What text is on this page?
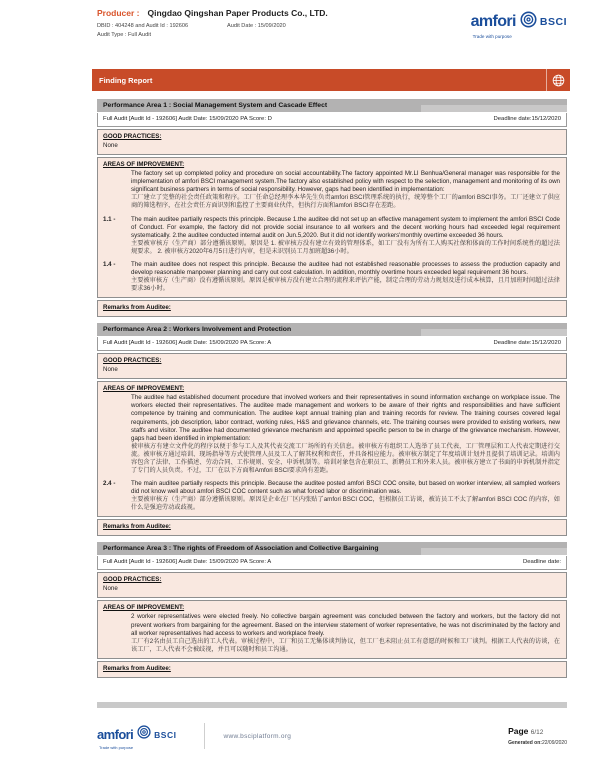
Producer : Qingdao Qingshan Paper Products Co., LTD.
DBID : 404248 and Audit Id : 192606	Audit Date : 15/09/2020
Audit Type : Full Audit
amfori BSCI
Trade with purpose
Finding Report
Performance Area 1 : Social Management System and Cascade Effect
Full Audit [Audit Id - 192606] Audit Date: 15/09/2020 PA Score: D	Deadline date:15/12/2020
GOOD PRACTICES:
None
AREAS OF IMPROVEMENT:
The factory set up completed policy and procedure on social accountability.The factory appointed Mr.LI Benhua/General manager was responsible for the implementation of amfori BSCI management system.The factory also established policy with respect to the selection, management and monitoring of its own significant business partners in terms of social responsibility. However, gaps had been identified in implementation:
工厂建立了完整的社会责任政策和程序。工厂任命总经理李本华先生负责amfori BSCI管理系统的执行，统筹整个工厂的amfori BSCI事务。工厂还建立了供应商的筛选程序，在社会责任方面识别和监控了主要商业伙伴，但执行方面和amfori BSCI存在差距。
1.1 -	The main auditee partially respects this principle. Because 1.the auditee did not set up an effective management system to implement the amfori BSCI Code of Conduct. For example, the factory did not provide social insurance to all workers and the decent working hours had exceeded legal requirement systematically. 2.the auditee conducted internal audit on Jun.5,2020. But it did not identify workers'monthly overtime exceeded 36 hours.
主要被审核方（生产商）部分遵循该原则。原因是 1. 被审核方没有建立有效的管理体系，如工厂没有为所有工人购买社保和体面的工作时间系统性的超过法规要求。 2. 被审核方2020年6月5日进行内审，但是未识别员工月加班超36小时。
1.4 -	The main auditee does not respect this principle. Because the auditee had not established reasonable processes to assess the production capacity and develop reasonable manpower planning and carry out cost calculation. In addition, monthly overtime hours exceeded legal requirement 36 hours.
主要被审核方（生产商）没有遵循该原则。原因是被审核方没有建立合理的流程来评估产能，制定合理的劳动力规划及进行成本核算，且月加班时间超过法律要求36小时。
Remarks from Auditee:
Performance Area 2 : Workers Involvement and Protection
Full Audit [Audit Id - 192606] Audit Date: 15/09/2020 PA Score: A	Deadline date:15/12/2020
GOOD PRACTICES:
None
AREAS OF IMPROVEMENT:
The auditee had established document procedure that involved workers and their representatives in sound information exchange on workplace issue. The workers elected their representatives. The auditee made management and workers to be aware of their rights and responsibilities and have sufficient competence by training and communication. The auditee kept annual training plan and training records for review. The training courses covered legal requirements, job description, labor contract, working rules, H&S and grievance channels, etc. The training courses were provided to existing workers, new staffs and visitor. The auditee had documented grievance mechanism and appointed specific person to be in charge of the grievance mechanism. However, gaps had been identified in implementation:
被审核方有建立文件化的程序以便于参与工人及其代表交流工厂场所的有关信息。被审核方有组织工人选举了员工代表，工厂管理层和工人代表定期进行交流。被审核方通过培训、现场指导等方式使管理人员及工人了解其权利和责任，并具备相应能力。被审核方制定了年度培训计划并且提供了培训记录。培训内容包含了法律、工作描述、劳动合同、工作规则、安全、申诉机制等。培训对象包含在职员工、新聘员工和外来人员。被审核方建立了书面的申诉机制并指定了专门的人员负责。不过，工厂在以下方面和Amfori BSCI要求尚有差距。
2.4 -	The main auditee partially respects this principle. Because the auditee posted amfori BSCI COC onsite, but based on worker interview, all sampled workers did not know well about amfori BSCI COC content such as what forced labor or discrimination was.
主要被审核方（生产商）部分遵循该原则。原因是企业在厂区内张贴了amfori BSCI COC，但根据员工访谈，被访员工不太了解amfori BSCI COC 的内容，如什么是强迫劳动或歧视。
Remarks from Auditee:
Performance Area 3 : The rights of Freedom of Association and Collective Bargaining
Full Audit [Audit Id - 192606] Audit Date: 15/09/2020 PA Score: A	Deadline date:
GOOD PRACTICES:
None
AREAS OF IMPROVEMENT:
2 worker representatives were elected freely. No collective bargain agreement was concluded between the factory and workers, but the factory did not prevent workers from bargaining for the agreement. Based on the interview statement of worker representative, he was not discriminated by the factory and all worker representatives had access to workers and workplace freely.
工厂有2名由员工自己选出的工人代表。审核过程中，工厂和员工无集体谈判协议，但工厂也未阻止员工有意愿的时候和工厂谈判。根据工人代表的访谈，在该工厂，工人代表不会被歧视，并且可以随时和员工沟通。
Remarks from Auditee:
amfori BSCI
Trade with purpose
www.bsciplatform.org	Page 6/12
Generated on:22/09/2020
